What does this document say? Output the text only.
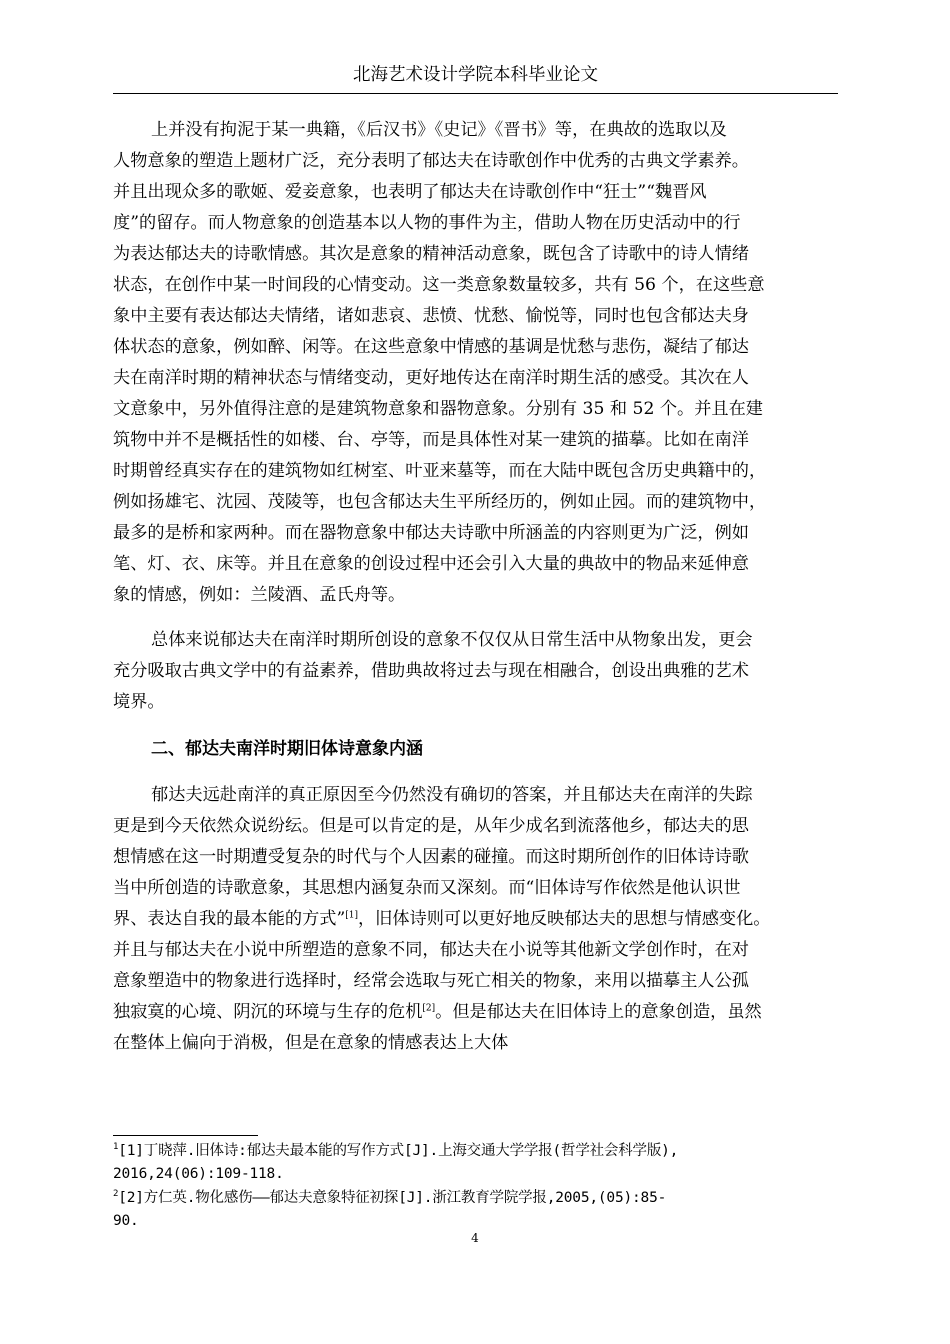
北海艺术设计学院本科毕业论文
上并没有拘泥于某一典籍，《后汉书》《史记》《晋书》等，在典故的选取以及
人物意象的塑造上题材广泛，充分表明了郁达夫在诗歌创作中优秀的古典文学素养。
并且出现众多的歌姬、爱妾意象，也表明了郁达夫在诗歌创作中“狂士”“魏晋风
度”的留存。而人物意象的创造基本以人物的事件为主，借助人物在历史活动中的行
为表达郁达夫的诗歌情感。其次是意象的精神活动意象，既包含了诗歌中的诗人情绪
状态，在创作中某一时间段的心情变动。这一类意象数量较多，共有 56 个，在这些意
象中主要有表达郁达夫情绪，诸如悲哀、悲愤、忧愁、愉悦等，同时也包含郁达夫身
体状态的意象，例如醉、闲等。在这些意象中情感的基调是忧愁与悲伤，凝结了郁达
夫在南洋时期的精神状态与情绪变动，更好地传达在南洋时期生活的感受。其次在人
文意象中，另外值得注意的是建筑物意象和器物意象。分别有 35 和 52 个。并且在建
筑物中并不是概括性的如楼、台、亭等，而是具体性对某一建筑的描摹。比如在南洋
时期曾经真实存在的建筑物如红树室、叶亚来墓等，而在大陆中既包含历史典籍中的，
例如扬雄宅、沈园、茂陵等，也包含郁达夫生平所经历的，例如止园。而的建筑物中，
最多的是桥和家两种。而在器物意象中郁达夫诗歌中所涵盖的内容则更为广泛，例如
笔、灯、衣、床等。并且在意象的创设过程中还会引入大量的典故中的物品来延伸意
象的情感，例如：兰陵酒、孟氏舟等。
总体来说郁达夫在南洋时期所创设的意象不仅仅从日常生活中从物象出发，更会
充分吸取古典文学中的有益素养，借助典故将过去与现在相融合，创设出典雅的艺术
境界。
二、郁达夫南洋时期旧体诗意象内涵
郁达夫远赴南洋的真正原因至今仍然没有确切的答案，并且郁达夫在南洋的失踪
更是到今天依然众说纷纭。但是可以肯定的是，从年少成名到流落他乡，郁达夫的思
想情感在这一时期遭受复杂的时代与个人因素的碰撞。而这时期所创作的旧体诗诗歌
当中所创造的诗歌意象，其思想内涵复杂而又深刻。而“旧体诗写作依然是他认识世
界、表达自我的最本能的方式”[1]，旧体诗则可以更好地反映郁达夫的思想与情感变化。
并且与郁达夫在小说中所塑造的意象不同，郁达夫在小说等其他新文学创作时，在对
意象塑造中的物象进行选择时，经常会选取与死亡相关的物象，来用以描摹主人公孤
独寂寞的心境、阴沉的环境与生存的危机[2]。但是郁达夫在旧体诗上的意象创造，虽然
在整体上偏向于消极，但是在意象的情感表达上大体
$^1$[1]丁晓萍.旧体诗:郁达夫最本能的写作方式[J].上海交通大学学报(哲学社会科学版),
2016,24(06):109-118.
$^2$[2]方仁英.物化感伤——郁达夫意象特征初探[J].浙江教育学院学报,2005,(05):85-
90.
4
